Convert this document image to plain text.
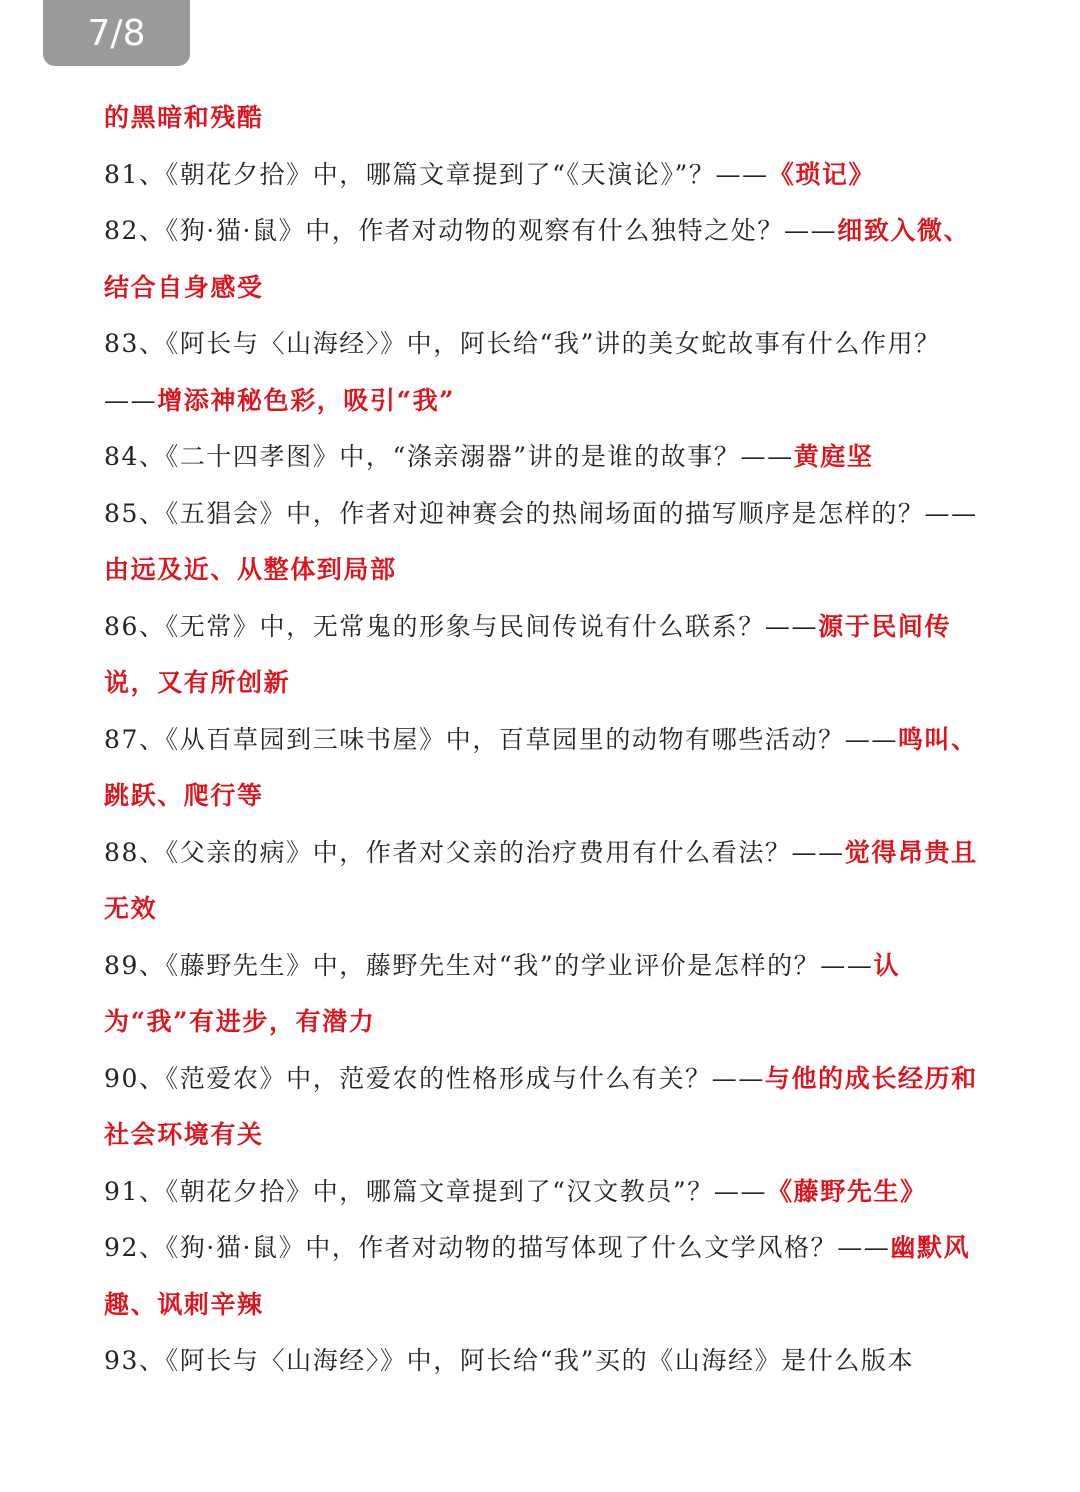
7/8

的黑暗和残酷

81、《朝花夕拾》中，哪篇文章提到了“《天演论》”？——《琐记》

82、《狗·猫·鼠》中，作者对动物的观察有什么独特之处？——细致入微、结合自身感受

83、《阿长与〈山海经〉》中，阿长给“我”讲的美女蛇故事有什么作用？——增添神秘色彩，吸引“我”

84、《二十四孝图》中，“涤亲溺器”讲的是谁的故事？——黄庭坚

85、《五猖会》中，作者对迎神赛会的热闹场面的描写顺序是怎样的？——由远及近、从整体到局部

86、《无常》中，无常鬼的形象与民间传说有什么联系？——源于民间传说，又有所创新

87、《从百草园到三味书屋》中，百草园里的动物有哪些活动？——鸣叫、跳跃、爬行等

88、《父亲的病》中，作者对父亲的治疗费用有什么看法？——觉得昂贵且无效

89、《藤野先生》中，藤野先生对“我”的学业评价是怎样的？——认为“我”有进步，有潜力

90、《范爱农》中，范爱农的性格形成与什么有关？——与他的成长经历和社会环境有关

91、《朝花夕拾》中，哪篇文章提到了“汉文教员”？——《藤野先生》

92、《狗·猫·鼠》中，作者对动物的描写体现了什么文学风格？——幽默风趣、讽刺辛辣

93、《阿长与〈山海经〉》中，阿长给“我”买的《山海经》是什么版本
